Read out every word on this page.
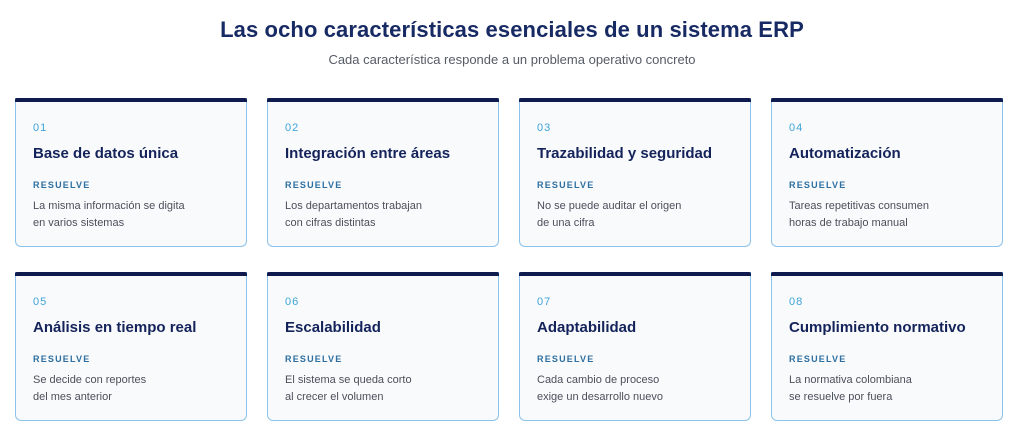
Las ocho características esenciales de un sistema ERP

Cada característica responde a un problema operativo concreto

01
Base de datos única
RESUELVE
La misma información se digita
en varios sistemas
02
Integración entre áreas
RESUELVE
Los departamentos trabajan
con cifras distintas
03
Trazabilidad y seguridad
RESUELVE
No se puede auditar el origen
de una cifra
04
Automatización
RESUELVE
Tareas repetitivas consumen
horas de trabajo manual
05
Análisis en tiempo real
RESUELVE
Se decide con reportes
del mes anterior
06
Escalabilidad
RESUELVE
El sistema se queda corto
al crecer el volumen
07
Adaptabilidad
RESUELVE
Cada cambio de proceso
exige un desarrollo nuevo
08
Cumplimiento normativo
RESUELVE
La normativa colombiana
se resuelve por fuera
